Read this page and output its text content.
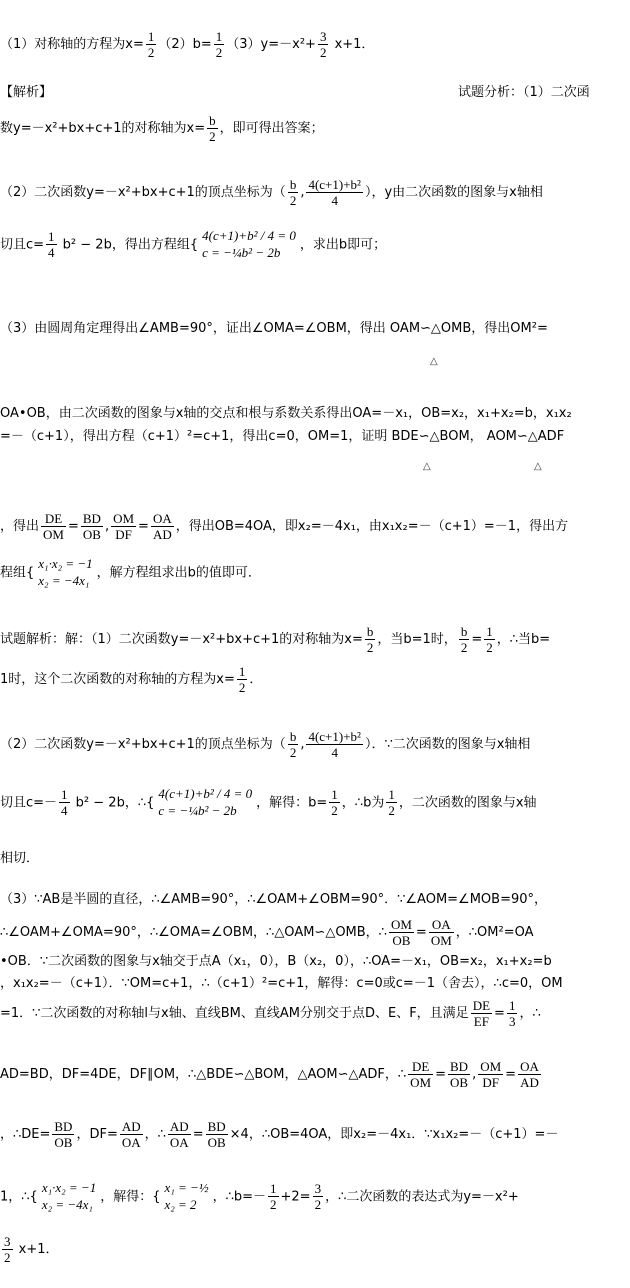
（1）对称轴的方程为$x= \frac{1}{2} (2)b= \frac{1}{2} (3)y=-x^2+ \frac{3}{2} x+1$．
【解析】	试题分析：（1）二次函
数y=－x²+bx+c+1的对称轴为$x= \frac{b}{2}$ ，即可得出答案；
（2）二次函数y=－x²+bx+c+1的顶点坐标为（ $\frac{b}{2}$ , $\frac{\text{4(c+1)+b²}}{4}$ ），y由二次函数的图象与x轴相
切且$c= \frac{1}{4} b^2 - 2b$，得出方程组{
4(c+1)+b² / 4 = 0
c = −¼b² − 2b	，求出b即可；
（3）由圆周角定理得出∠AMB=90°，证出∠OMA=∠OBM，得出 OAM∽△OMB，得出OM²=
△
OA•OB，由二次函数的图象与x轴的交点和根与系数关系得出OA=－x₁，OB=x₂，x₁+x₂=b，x₁x₂
=－（c+1），得出方程（c+1）²=c+1，得出c=0，OM=1，证明 BDE∽△BOM， AOM∽△ADF
△	△
，得出 $\frac{DE}{OM} = \frac{BD}{OB}$ , $\frac{OM}{DF} = \frac{OA}{AD}$ ，得出OB=4OA，即x₂=－4x₁，由x₁x₂=－（c+1）=－1，得出方
程组{
x₁·x₂ = −1
x₂ = −4x₁ ，解方程组求出b的值即可．
试题解析：解：（1）二次函数y=－x²+bx+c+1的对称轴为$x= \frac{b}{2}$ ，当b=1时， $\frac{b}{2} = \frac{1}{2}$ ，∴当b=
1时，这个二次函数的对称轴的方程为$x= \frac{1}{2}$ ．
（2）二次函数y=－x²+bx+c+1的顶点坐标为（ $\frac{b}{2}$ , $\frac{\text{4(c+1)+b²}}{4}$ ）．∵二次函数的图象与x轴相
切且$c=- \frac{1}{4} b^2 - 2b$，∴{
4(c+1)+b² / 4 = 0
c = −¼b² − 2b	，解得：$b= \frac{1}{2}$ ，∴b为 $\frac{1}{2}$ ，二次函数的图象与x轴
相切．
（3）∵AB是半圆的直径，∴∠AMB=90°，∴∠OAM+∠OBM=90°．∵∠AOM=∠MOB=90°，
∴∠OAM+∠OMA=90°，∴∠OMA=∠OBM，∴△OAM∽△OMB，∴ $\frac{OM}{OB} = \frac{OA}{OM}$ ，∴OM²=OA
•OB．∵二次函数的图象与x轴交于点A（x₁，0），B（x₂，0），∴OA=－x₁，OB=x₂，x₁+x₂=b
，x₁x₂=－（c+1）．∵OM=c+1，∴（c+1）²=c+1，解得：c=0或c=－1（舍去），∴c=0，OM
=1．∵二次函数的对称轴l与x轴、直线BM、直线AM分别交于点D、E、F，且满足 $\frac{DE}{EF} = \frac{1}{3}$ ，∴
AD=BD，DF=4DE，DF∥OM，∴△BDE∽△BOM，△AOM∽△ADF，∴ $\frac{DE}{OM} = \frac{BD}{OB}$ , $\frac{OM}{DF} = \frac{OA}{AD}$
，∴DE= $\frac{BD}{OB}$ ，$DF= \frac{AD}{OA}$ ，∴ $\frac{AD}{OA} = \frac{BD}{OB} \times 4$，∴OB=4OA，即x₂=－4x₁．∵x₁x₂=－（c+1）=－
1，∴{
x₁·x₂ = −1
x₂ = −4x₁ ，解得：{
x₁ = −½
x₂ = 2	，∴b=－ $\frac{1}{2} +2= \frac{3}{2}$ ，∴二次函数的表达式为y=－x²+
$\frac{3}{2} x+1$．
